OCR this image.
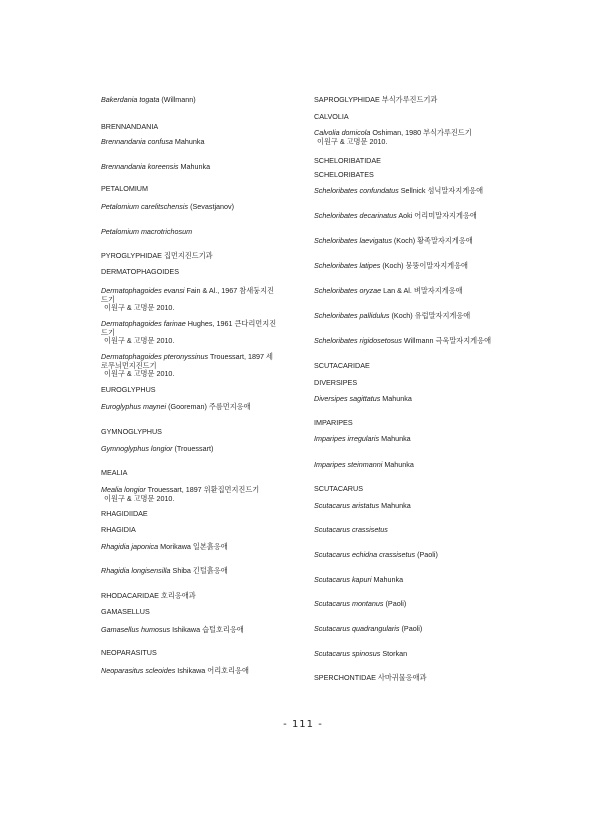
Bakerdania togata (Willmann)
BRENNANDANIA
Brennandania confusa Mahunka
Brennandania koreensis Mahunka
PETALOMIUM
Petalomium carelitschensis (Sevastjanov)
Petalomium macrotrichosum
PYROGLYPHIDAE 집먼지진드기과
DERMATOPHAGOIDES
Dermatophagoides evansi Fain & Al., 1967 참새둥지진
드기
이원구 & 고명문 2010.
Dermatophagoides farinae Hughes, 1961 큰다리먼지진
드기
이원구 & 고명문 2010.
Dermatophagoides pteronyssinus Trouessart, 1897 세
로무늬먼지진드기
이원구 & 고명문 2010.
EUROGLYPHUS
Euroglyphus maynei (Gooreman) 주름먼지응애
GYMNOGLYPHUS
Gymnoglyphus longior (Trouessart)
MEALIA
Mealia longior Trouessart, 1897 위환집먼지진드기
이원구 & 고명문 2010.
RHAGIDIIDAE
RHAGIDIA
Rhagidia japonica Morikawa 일본흙응애
Rhagidia longisensilla Shiba 긴털흙응애
RHODACARIDAE 호리응애과
GAMASELLUS
Gamasellus humosus Ishikawa 습털호리응애
NEOPARASITUS
Neoparasitus scleoides Ishikawa 어리호리응애
SAPROGLYPHIDAE 부식가루진드기과
CALVOLIA
Calvolia domicola Oshiman, 1980 부식가루진드기
이원구 & 고명문 2010.
SCHELORIBATIDAE
SCHELORIBATES
Scheloribates confundatus Sellnick 섬닉말자지게응애
Scheloribates decarinatus Aoki 어리미말자지게응애
Scheloribates laevigatus (Koch) 황족말자지게응애
Scheloribates latipes (Koch) 뭉뚱이말자지게응애
Scheloribates oryzae Lan & Al. 벼말자지게응애
Scheloribates pallidulus (Koch) 유럽말자지게응애
Scheloribates rigidosetosus Willmann 극욱말자지게응애
SCUTACARIDAE
DIVERSIPES
Diversipes sagittatus Mahunka
IMPARIPES
Imparipes irregularis Mahunka
Imparipes steinmanni Mahunka
SCUTACARUS
Scutacarus aristatus Mahunka
Scutacarus crassisetus
Scutacarus echidna crassisetus (Paoli)
Scutacarus kapuri Mahunka
Scutacarus montanus (Paoli)
Scutacarus quadrangularis (Paoli)
Scutacarus spinosus Storkan
SPERCHONTIDAE 사마귀물응애과
- 111 -
